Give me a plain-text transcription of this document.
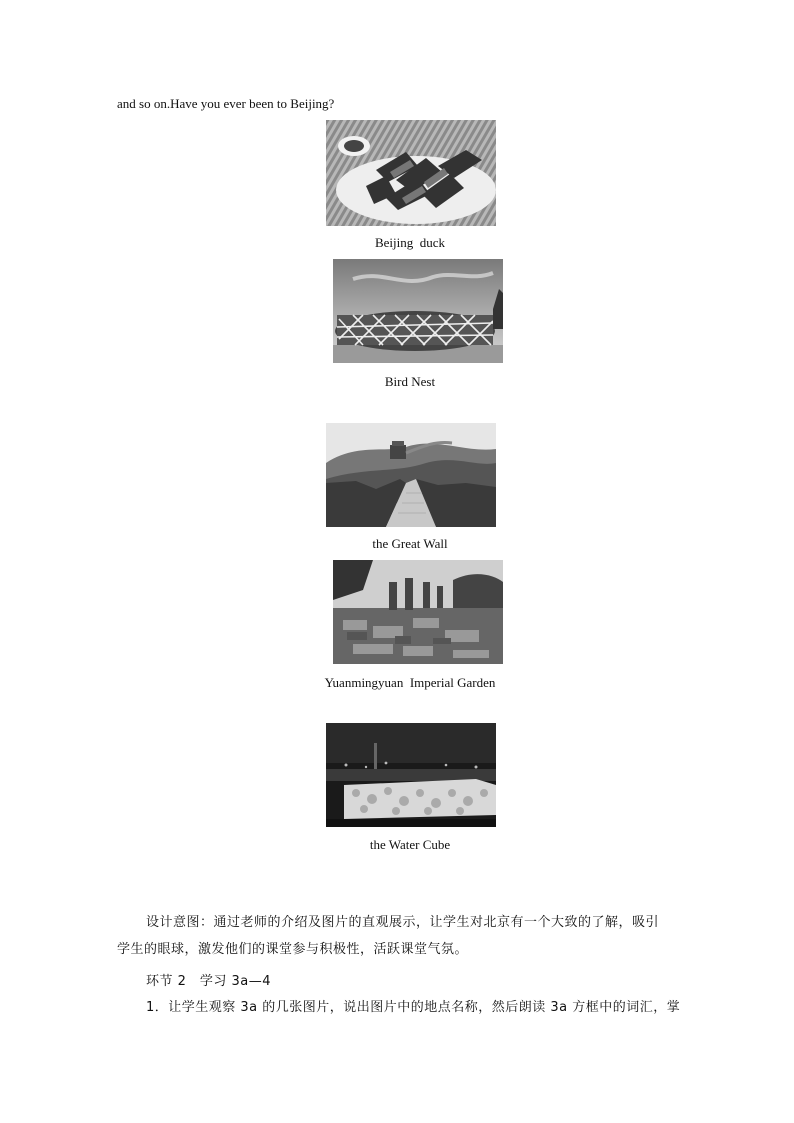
and so on.Have you ever been to Beijing?
Beijing  duck
Bird Nest
the Great Wall
Yuanmingyuan  Imperial Garden
the Water Cube
设计意图：通过老师的介绍及图片的直观展示，让学生对北京有一个大致的了解，吸引
学生的眼球，激发他们的课堂参与积极性，活跃课堂气氛。
环节 2　学习 3a—4
1．让学生观察 3a 的几张图片，说出图片中的地点名称，然后朗读 3a 方框中的词汇，掌
